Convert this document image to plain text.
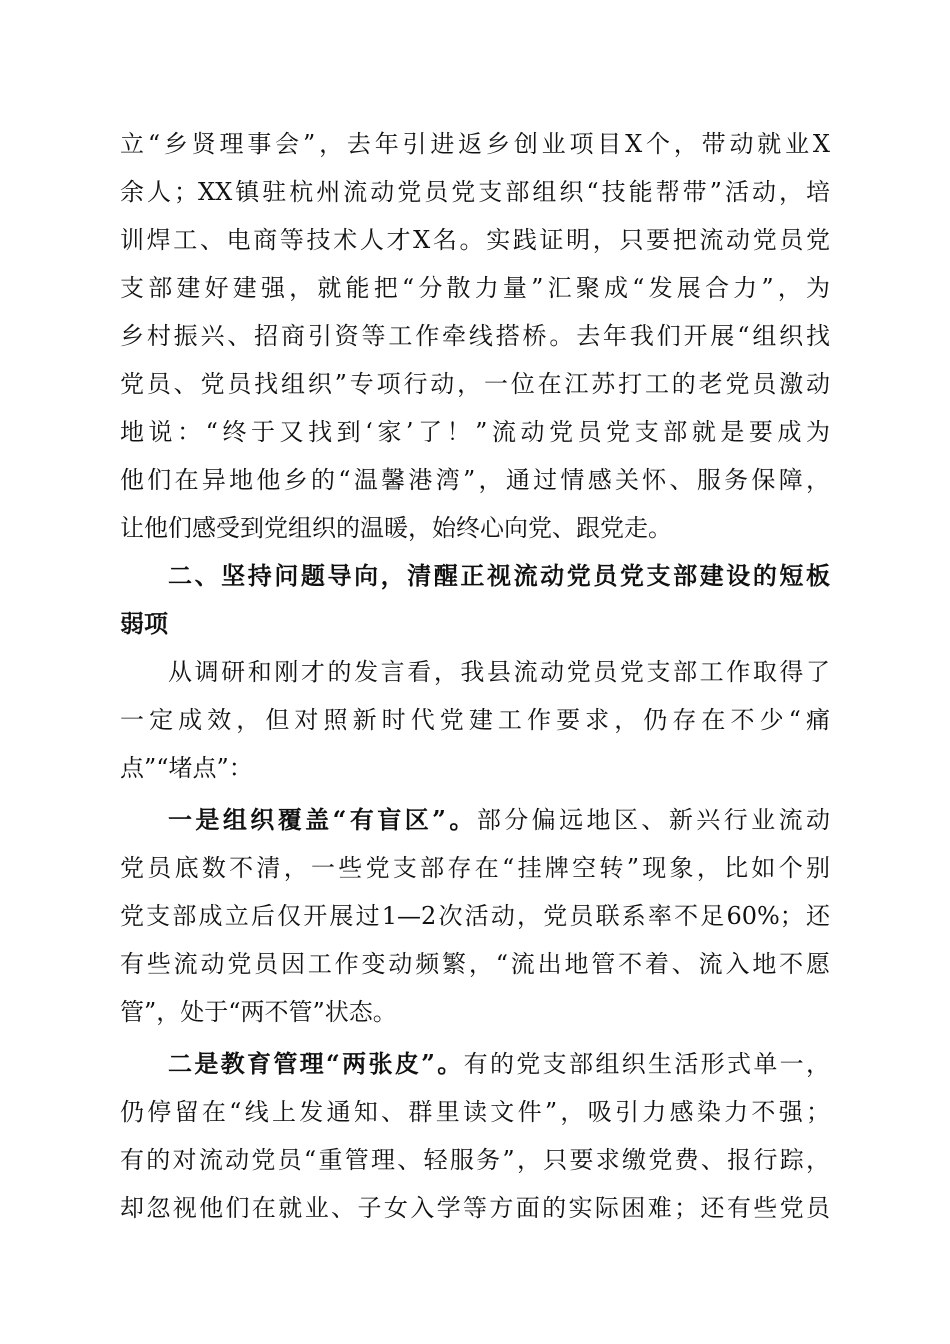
立“乡贤理事会”，去年引进返乡创业项目X个，带动就业X
余人；XX镇驻杭州流动党员党支部组织“技能帮带”活动，培
训焊工、电商等技术人才X名。实践证明，只要把流动党员党
支部建好建强，就能把“分散力量”汇聚成“发展合力”，为
乡村振兴、招商引资等工作牵线搭桥。去年我们开展“组织找
党员、党员找组织”专项行动，一位在江苏打工的老党员激动
地说：“终于又找到‘家’了！”流动党员党支部就是要成为
他们在异地他乡的“温馨港湾”，通过情感关怀、服务保障，
让他们感受到党组织的温暖，始终心向党、跟党走。
二、坚持问题导向，清醒正视流动党员党支部建设的短板
弱项
从调研和刚才的发言看，我县流动党员党支部工作取得了
一定成效，但对照新时代党建工作要求，仍存在不少“痛
点”“堵点”：
一是组织覆盖“有盲区”。部分偏远地区、新兴行业流动
党员底数不清，一些党支部存在“挂牌空转”现象，比如个别
党支部成立后仅开展过1—2次活动，党员联系率不足60%；还
有些流动党员因工作变动频繁，“流出地管不着、流入地不愿
管”，处于“两不管”状态。
二是教育管理“两张皮”。有的党支部组织生活形式单一，
仍停留在“线上发通知、群里读文件”，吸引力感染力不强；
有的对流动党员“重管理、轻服务”，只要求缴党费、报行踪，
却忽视他们在就业、子女入学等方面的实际困难；还有些党员
